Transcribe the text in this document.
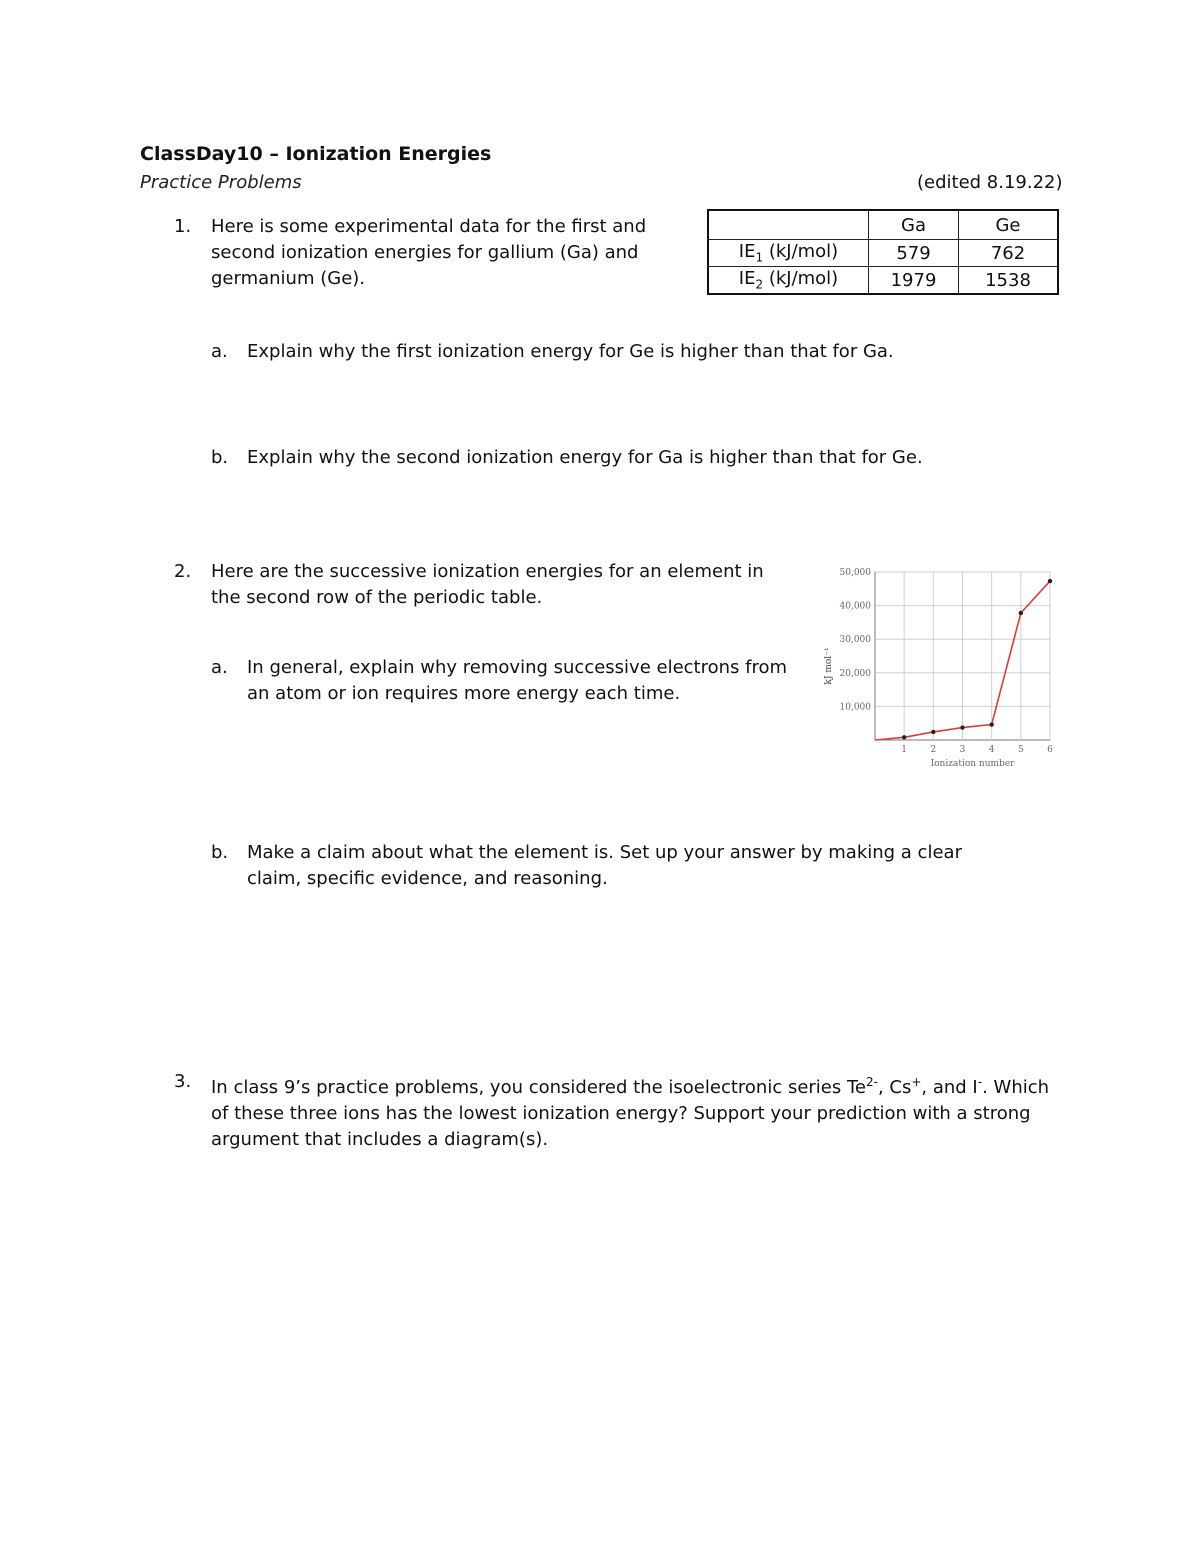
ClassDay10 – Ionization Energies
Practice Problems	(edited 8.19.22)
1. Here is some experimental data for the first and second ionization energies for gallium (Ga) and germanium (Ge).
	Ga	Ge
$IE_1$ (kJ/mol)	579	762
$IE_2$ (kJ/mol)	1979	1538
a. Explain why the first ionization energy for Ge is higher than that for Ga.
b. Explain why the second ionization energy for Ga is higher than that for Ge.
2. Here are the successive ionization energies for an element in the second row of the periodic table.
a. In general, explain why removing successive electrons from an atom or ion requires more energy each time.
b. Make a claim about what the element is. Set up your answer by making a clear claim, specific evidence, and reasoning.
10,000
20,000
30,000
40,000
50,000
1	2	3	4	5	6
Ionization number
kJ mol⁻¹
3. In class 9’s practice problems, you considered the isoelectronic series $Te^{2-}$, Cs+, and I-. Which of these three ions has the lowest ionization energy? Support your prediction with a strong argument that includes a diagram(s).
